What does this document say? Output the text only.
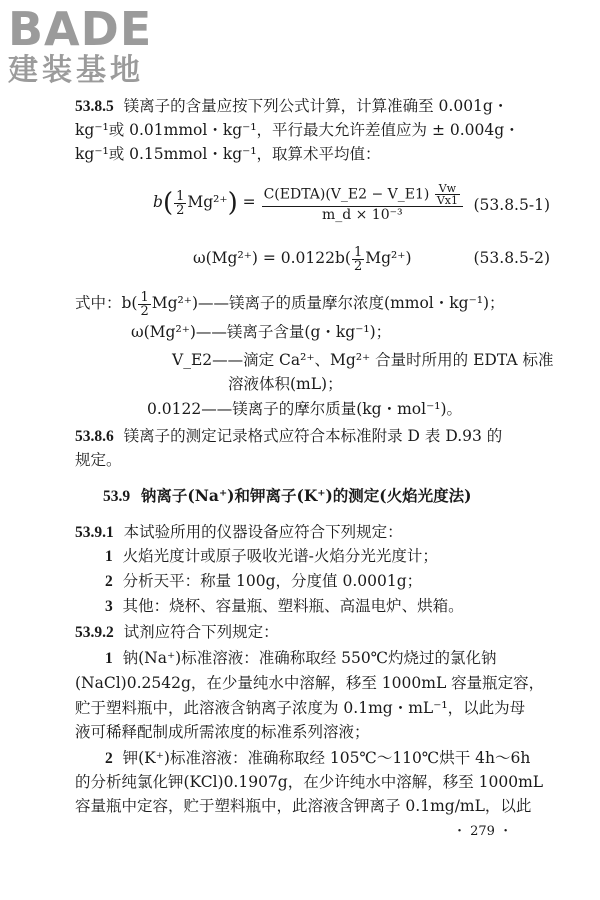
BADE
建装基地
53.8.5 镁离子的含量应按下列公式计算，计算准确至 0.001g・
kg⁻¹或 0.01mmol・kg⁻¹，平行最大允许差值应为 ± 0.004g・
kg⁻¹或 0.15mmol・kg⁻¹，取算术平均值：
$b( \frac{1}{2} Mg^{2+}) = \frac{C(EDTA)(V\_E2 - V\_E1) \frac{Vw}{Vx1}}{\text{m\_d × 10⁻³}} (53.8.5-1)$
$\omega(Mg^{2+}) = 0.0122b( \frac{1}{2} Mg^{2+})$	(53.8.5-2)
式中：$b( \frac{1}{2}$ Mg²⁺)——镁离子的质量摩尔浓度(mmol・kg⁻¹)；
ω(Mg²⁺)——镁离子含量(g・kg⁻¹)；
V_E2——滴定 Ca²⁺、Mg²⁺ 合量时所用的 EDTA 标准
溶液体积(mL)；
0.0122——镁离子的摩尔质量(kg・mol⁻¹)。
53.8.6 镁离子的测定记录格式应符合本标准附录 D 表 D.93 的
规定。
53.9 钠离子(Na⁺)和钾离子(K⁺)的测定(火焰光度法)
53.9.1 本试验所用的仪器设备应符合下列规定：
1 火焰光度计或原子吸收光谱-火焰分光光度计；
2 分析天平：称量 100g，分度值 0.0001g；
3 其他：烧杯、容量瓶、塑料瓶、高温电炉、烘箱。
53.9.2 试剂应符合下列规定：
1 钠(Na⁺)标准溶液：准确称取经 550℃灼烧过的氯化钠
(NaCl)0.2542g，在少量纯水中溶解，移至 1000mL 容量瓶定容，
贮于塑料瓶中，此溶液含钠离子浓度为 0.1mg・mL⁻¹，以此为母
液可稀释配制成所需浓度的标准系列溶液；
2 钾(K⁺)标准溶液：准确称取经 105℃～110℃烘干 4h～6h
的分析纯氯化钾(KCl)0.1907g，在少许纯水中溶解，移至 1000mL
容量瓶中定容，贮于塑料瓶中，此溶液含钾离子 0.1mg/mL，以此
・ 279 ・
